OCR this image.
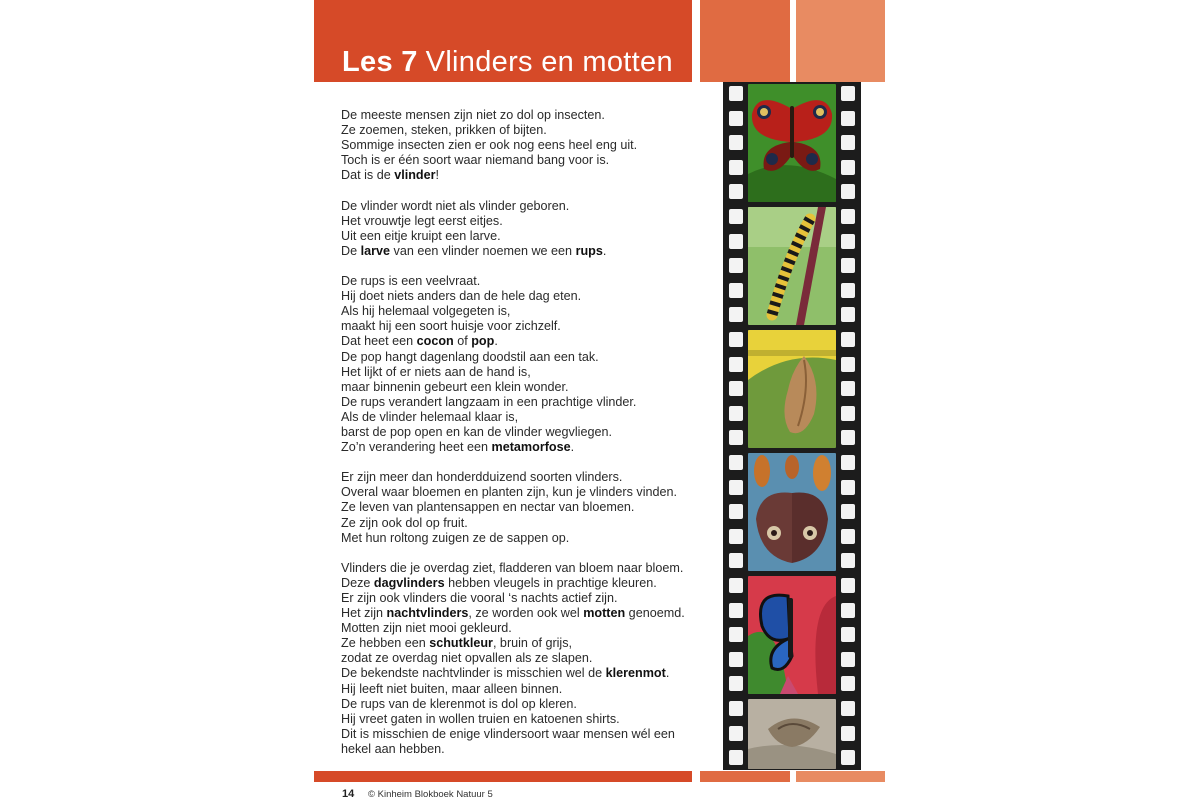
Les 7 Vlinders en motten

De meeste mensen zijn niet zo dol op insecten.
Ze zoemen, steken, prikken of bijten.
Sommige insecten zien er ook nog eens heel eng uit.
Toch is er één soort waar niemand bang voor is.
Dat is de vlinder!

De vlinder wordt niet als vlinder geboren.
Het vrouwtje legt eerst eitjes.
Uit een eitje kruipt een larve.
De larve van een vlinder noemen we een rups.

De rups is een veelvraat.
Hij doet niets anders dan de hele dag eten.
Als hij helemaal volgegeten is,
maakt hij een soort huisje voor zichzelf.
Dat heet een cocon of pop.
De pop hangt dagenlang doodstil aan een tak.
Het lijkt of er niets aan de hand is,
maar binnenin gebeurt een klein wonder.
De rups verandert langzaam in een prachtige vlinder.
Als de vlinder helemaal klaar is,
barst de pop open en kan de vlinder wegvliegen.
Zo’n verandering heet een metamorfose.

Er zijn meer dan honderdduizend soorten vlinders.
Overal waar bloemen en planten zijn, kun je vlinders vinden.
Ze leven van plantensappen en nectar van bloemen.
Ze zijn ook dol op fruit.
Met hun roltong zuigen ze de sappen op.

Vlinders die je overdag ziet, fladderen van bloem naar bloem.
Deze dagvlinders hebben vleugels in prachtige kleuren.
Er zijn ook vlinders die vooral ‘s nachts actief zijn.
Het zijn nachtvlinders, ze worden ook wel motten genoemd.
Motten zijn niet mooi gekleurd.
Ze hebben een schutkleur, bruin of grijs,
zodat ze overdag niet opvallen als ze slapen.
De bekendste nachtvlinder is misschien wel de klerenmot.
Hij leeft niet buiten, maar alleen binnen.
De rups van de klerenmot is dol op kleren.
Hij vreet gaten in wollen truien en katoenen shirts.
Dit is misschien de enige vlindersoort waar mensen wél een
hekel aan hebben.

14 © Kinheim Blokboek Natuur 5
